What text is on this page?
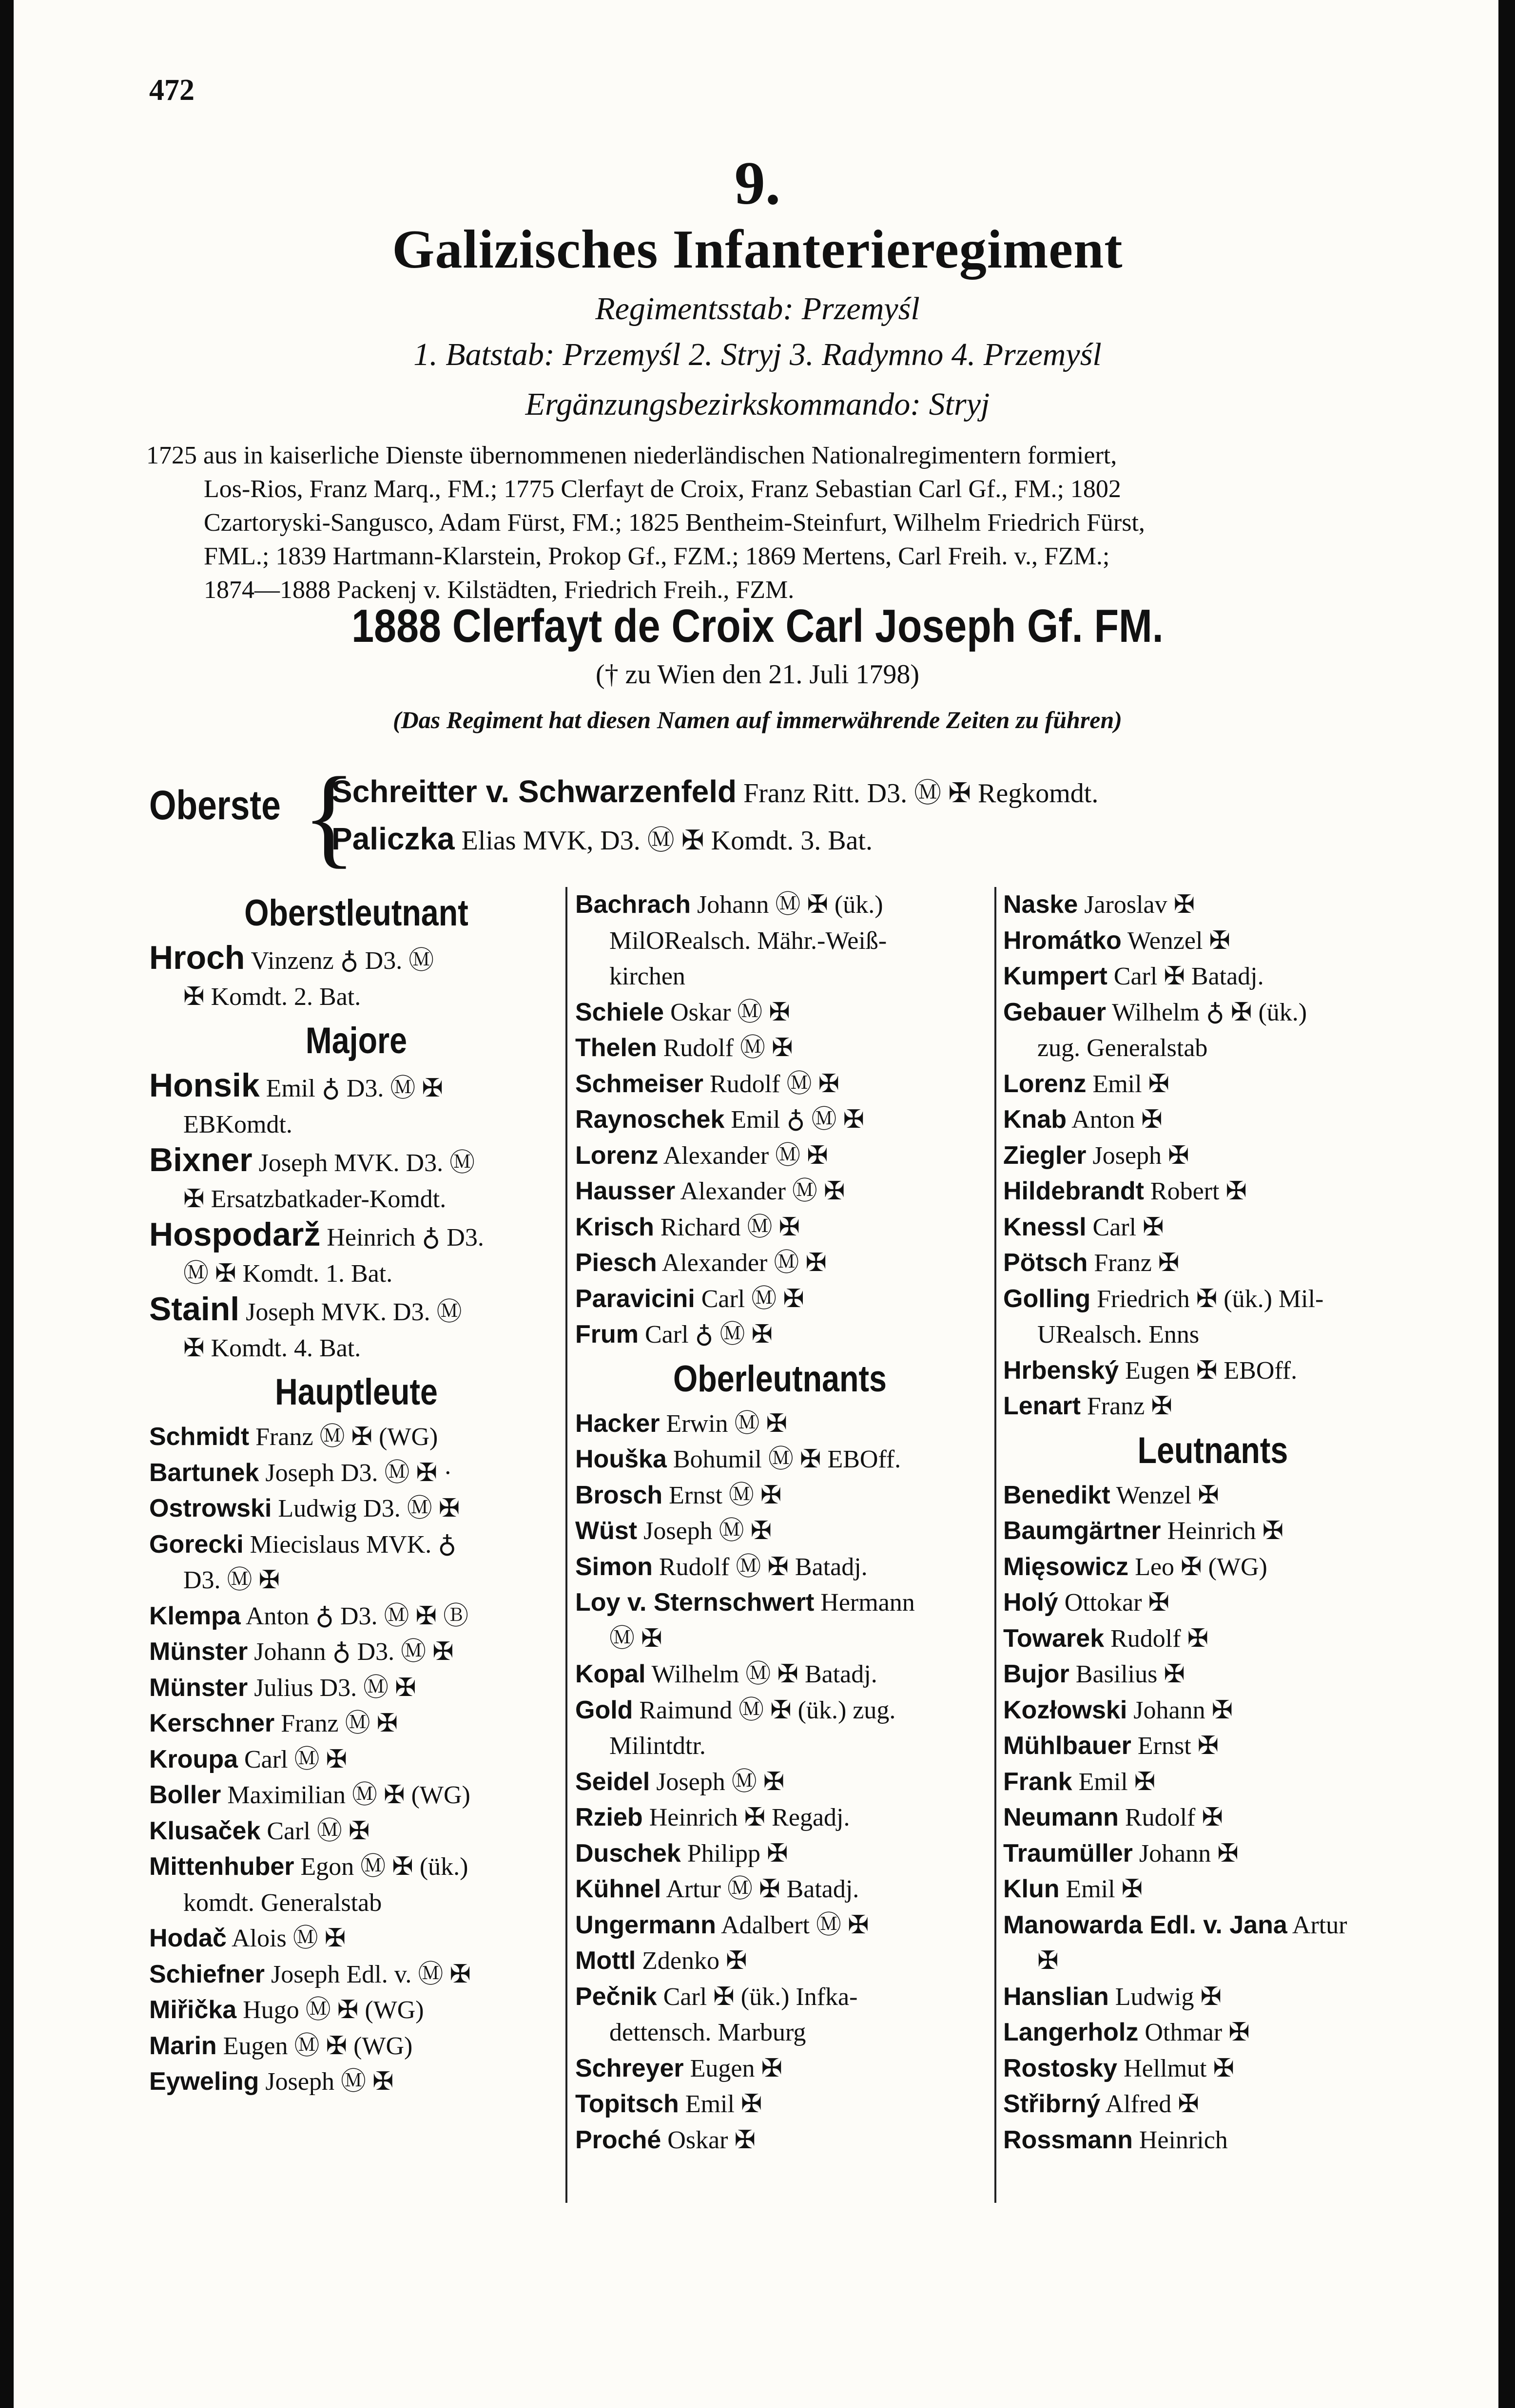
472
9.
Galizisches Infanterieregiment
Regimentsstab: Przemyśl
1. Batstab: Przemyśl 2. Stryj 3. Radymno 4. Przemyśl
Ergänzungsbezirkskommando: Stryj
1725 aus in kaiserliche Dienste übernommenen niederländischen Nationalregimentern formiert,
Los-Rios, Franz Marq., FM.; 1775 Clerfayt de Croix, Franz Sebastian Carl Gf., FM.; 1802
Czartoryski-Sangusco, Adam Fürst, FM.; 1825 Bentheim-Steinfurt, Wilhelm Friedrich Fürst,
FML.; 1839 Hartmann-Klarstein, Prokop Gf., FZM.; 1869 Mertens, Carl Freih. v., FZM.;
1874—1888 Packenj v. Kilstädten, Friedrich Freih., FZM.
1888 Clerfayt de Croix Carl Joseph Gf. FM.
(† zu Wien den 21. Juli 1798)
(Das Regiment hat diesen Namen auf immerwährende Zeiten zu führen)
Oberste {
Schreitter v. Schwarzenfeld Franz Ritt. D3. Ⓜ ✠ Regkomdt.
Paliczka Elias MVK, D3. Ⓜ ✠ Komdt. 3. Bat.
Oberstleutnant
Hroch Vinzenz ♁ D3. Ⓜ
✠ Komdt. 2. Bat.
Majore
Honsik Emil ♁ D3. Ⓜ ✠
EBKomdt.
Bixner Joseph MVK. D3. Ⓜ
✠ Ersatzbatkader-Komdt.
Hospodarž Heinrich ♁ D3.
Ⓜ ✠ Komdt. 1. Bat.
Stainl Joseph MVK. D3. Ⓜ
✠ Komdt. 4. Bat.
Hauptleute
Schmidt Franz Ⓜ ✠ (WG)
Bartunek Joseph D3. Ⓜ ✠ ·
Ostrowski Ludwig D3. Ⓜ ✠
Gorecki Miecislaus MVK. ♁
D3. Ⓜ ✠
Klempa Anton ♁ D3. Ⓜ ✠ Ⓑ
Münster Johann ♁ D3. Ⓜ ✠
Münster Julius D3. Ⓜ ✠
Kerschner Franz Ⓜ ✠
Kroupa Carl Ⓜ ✠
Boller Maximilian Ⓜ ✠ (WG)
Klusaček Carl Ⓜ ✠
Mittenhuber Egon Ⓜ ✠ (ük.)
komdt. Generalstab
Hodač Alois Ⓜ ✠
Schiefner Joseph Edl. v. Ⓜ ✠
Miřička Hugo Ⓜ ✠ (WG)
Marin Eugen Ⓜ ✠ (WG)
Eyweling Joseph Ⓜ ✠
Bachrach Johann Ⓜ ✠ (ük.)
MilORealsch. Mähr.-Weiß-
kirchen
Schiele Oskar Ⓜ ✠
Thelen Rudolf Ⓜ ✠
Schmeiser Rudolf Ⓜ ✠
Raynoschek Emil ♁ Ⓜ ✠
Lorenz Alexander Ⓜ ✠
Hausser Alexander Ⓜ ✠
Krisch Richard Ⓜ ✠
Piesch Alexander Ⓜ ✠
Paravicini Carl Ⓜ ✠
Frum Carl ♁ Ⓜ ✠
Oberleutnants
Hacker Erwin Ⓜ ✠
Houška Bohumil Ⓜ ✠ EBOff.
Brosch Ernst Ⓜ ✠
Wüst Joseph Ⓜ ✠
Simon Rudolf Ⓜ ✠ Batadj.
Loy v. Sternschwert Hermann
Ⓜ ✠
Kopal Wilhelm Ⓜ ✠ Batadj.
Gold Raimund Ⓜ ✠ (ük.) zug.
Milintdtr.
Seidel Joseph Ⓜ ✠
Rzieb Heinrich ✠ Regadj.
Duschek Philipp ✠
Kühnel Artur Ⓜ ✠ Batadj.
Ungermann Adalbert Ⓜ ✠
Mottl Zdenko ✠
Pečnik Carl ✠ (ük.) Infka-
dettensch. Marburg
Schreyer Eugen ✠
Topitsch Emil ✠
Proché Oskar ✠
Naske Jaroslav ✠
Hromátko Wenzel ✠
Kumpert Carl ✠ Batadj.
Gebauer Wilhelm ♁ ✠ (ük.)
zug. Generalstab
Lorenz Emil ✠
Knab Anton ✠
Ziegler Joseph ✠
Hildebrandt Robert ✠
Knessl Carl ✠
Pötsch Franz ✠
Golling Friedrich ✠ (ük.) Mil-
URealsch. Enns
Hrbenský Eugen ✠ EBOff.
Lenart Franz ✠
Leutnants
Benedikt Wenzel ✠
Baumgärtner Heinrich ✠
Mięsowicz Leo ✠ (WG)
Holý Ottokar ✠
Towarek Rudolf ✠
Bujor Basilius ✠
Kozłowski Johann ✠
Mühlbauer Ernst ✠
Frank Emil ✠
Neumann Rudolf ✠
Traumüller Johann ✠
Klun Emil ✠
Manowarda Edl. v. Jana Artur
✠
Hanslian Ludwig ✠
Langerholz Othmar ✠
Rostosky Hellmut ✠
Střibrný Alfred ✠
Rossmann Heinrich
